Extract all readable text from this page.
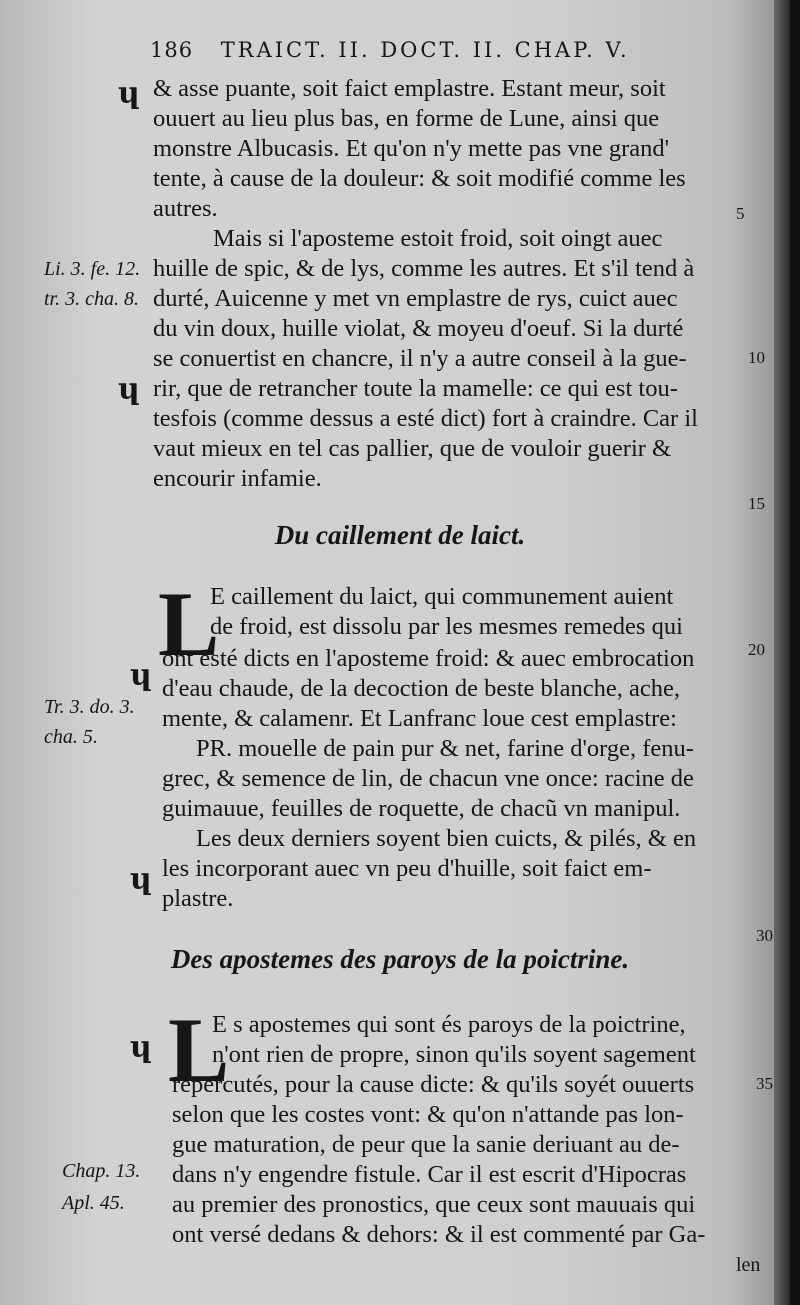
186 TRAICT. II. DOCT. II. CHAP. V.
ɥ
ɥ
ɥ
ɥ
ɥ
& asse puante, soit faict emplastre. Estant meur, soit
ouuert au lieu plus bas, en forme de Lune, ainsi que
monstre Albucasis. Et qu'on n'y mette pas vne grand'
tente, à cause de la douleur: & soit modifié comme les
autres.
Mais si l'aposteme estoit froid, soit oingt auec
huille de spic, & de lys, comme les autres. Et s'il tend à
durté, Auicenne y met vn emplastre de rys, cuict auec
du vin doux, huille violat, & moyeu d'oeuf. Si la durté
se conuertist en chancre, il n'y a autre conseil à la gue-
rir, que de retrancher toute la mamelle: ce qui est tou-
tesfois (comme dessus a esté dict) fort à craindre. Car il
vaut mieux en tel cas pallier, que de vouloir guerir &
encourir infamie.
Du caillement de laict.
L
E caillement du laict, qui communement auient
de froid, est dissolu par les mesmes remedes qui
ont esté dicts en l'aposteme froid: & auec embrocation
d'eau chaude, de la decoction de beste blanche, ache,
mente, & calamenr. Et Lanfranc loue cest emplastre:
PR. mouelle de pain pur & net, farine d'orge, fenu-
grec, & semence de lin, de chacun vne once: racine de
guimauue, feuilles de roquette, de chacũ vn manipul.
Les deux derniers soyent bien cuicts, & pilés, & en
les incorporant auec vn peu d'huille, soit faict em-
plastre.
Des apostemes des paroys de la poictrine.
L
E s apostemes qui sont és paroys de la poictrine,
n'ont rien de propre, sinon qu'ils soyent sagement
repercutés, pour la cause dicte: & qu'ils soyét ouuerts
selon que les costes vont: & qu'on n'attande pas lon-
gue maturation, de peur que la sanie deriuant au de-
dans n'y engendre fistule. Car il est escrit d'Hipocras
au premier des pronostics, que ceux sont mauuais qui
ont versé dedans & dehors: & il est commenté par Ga-
len
Li. 3. fe. 12.
tr. 3. cha. 8.
Tr. 3. do. 3.
cha. 5.
Chap. 13.
Apl. 45.
5
10
15
20
30
35
